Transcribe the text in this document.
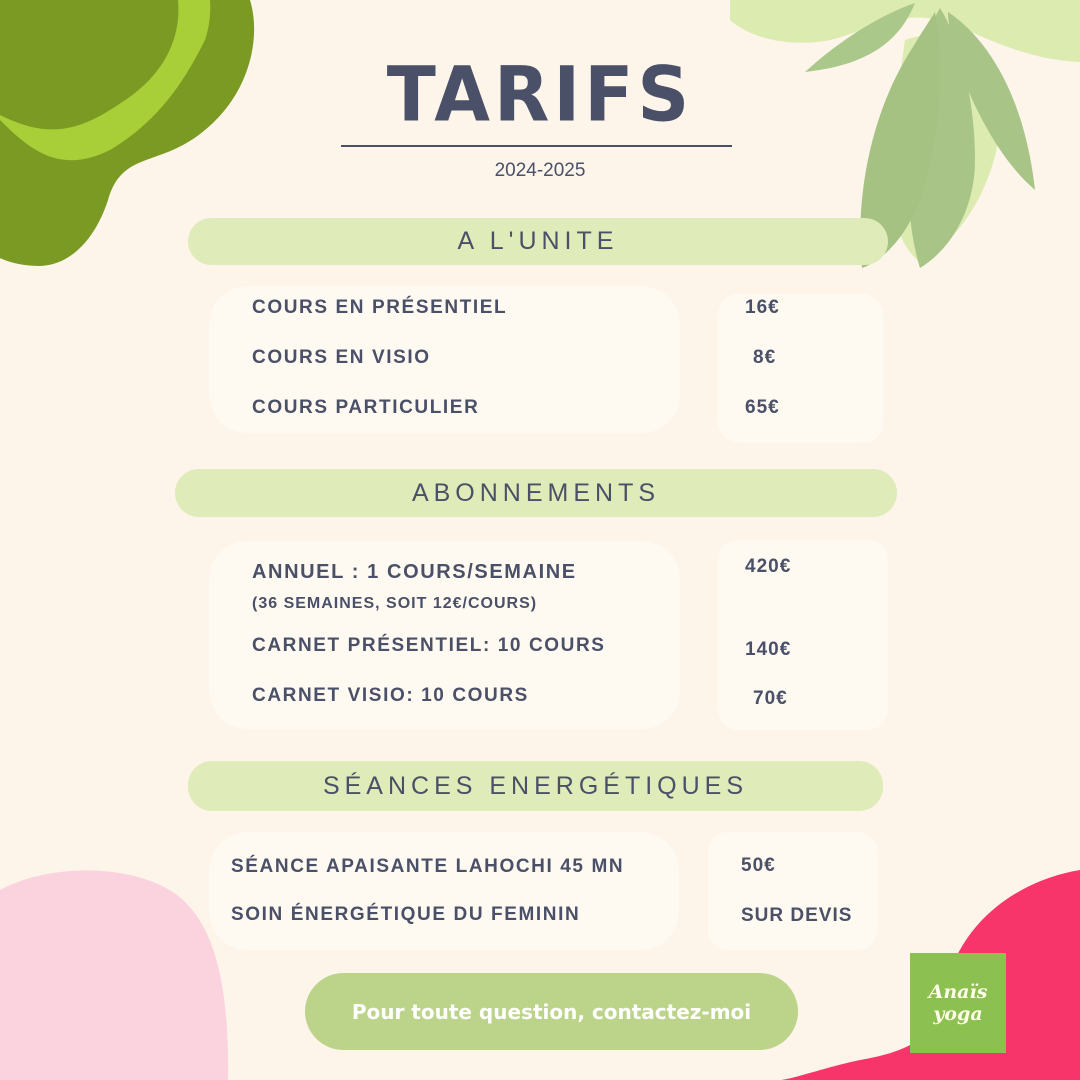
TARIFS
2024-2025
A L'UNITE
COURS EN PRÉSENTIEL
COURS EN VISIO
COURS PARTICULIER
16€
8€
65€
ABONNEMENTS
ANNUEL : 1 COURS/SEMAINE
(36 SEMAINES, SOIT 12€/COURS)
CARNET PRÉSENTIEL: 10 COURS
CARNET VISIO: 10 COURS
420€
140€
70€
SÉANCES ENERGÉTIQUES
SÉANCE APAISANTE LAHOCHI 45 MN
SOIN ÉNERGÉTIQUE DU FEMININ
50€
SUR DEVIS
Pour toute question, contactez-moi
Anaïs
yoga
